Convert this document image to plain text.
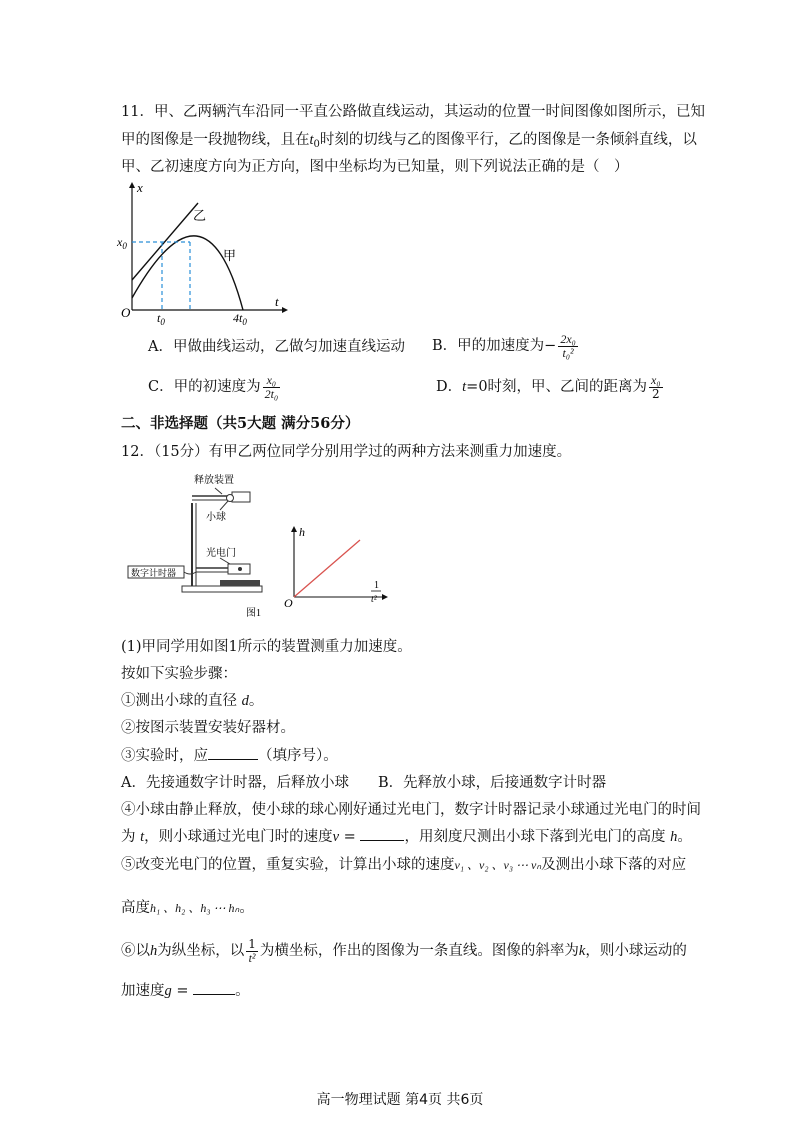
11．甲、乙两辆汽车沿同一平直公路做直线运动，其运动的位置一时间图像如图所示，已知
甲的图像是一段抛物线，且在$t_0$时刻的切线与乙的图像平行，乙的图像是一条倾斜直线，以
甲、乙初速度方向为正方向，图中坐标均为已知量，则下列说法正确的是（　）
x
t
O
$x_0$
$t_0$	$4t_0$
乙
甲
A．甲做曲线运动，乙做匀加速直线运动 B．甲的加速度为− $\frac{\text{2x₀}}{\text{t₀²}}$
C．甲的初速度为 $\frac{\text{x₀}}{\text{2t₀}}$	D．t=0时刻，甲、乙间的距离为 $\frac{\text{x₀}}{2}$
二、非选择题（共5大题 满分56分）
12．（15分）有甲乙两位同学分别用学过的两种方法来测重力加速度。
释放装置
小球
光电门
数字计时器
图1
h
O
1
t²
(1)甲同学用如图1所示的装置测重力加速度。
按如下实验步骤：
①测出小球的直径 d。
②按图示装置安装好器材。
③实验时，应	（填序号）。
A．先接通数字计时器，后释放小球 B．先释放小球，后接通数字计时器
④小球由静止释放，使小球的球心刚好通过光电门，数字计时器记录小球通过光电门的时间
为 t，则小球通过光电门时的速度v =	，用刻度尺测出小球下落到光电门的高度 h。
⑤改变光电门的位置，重复实验，计算出小球的速度v₁ 、v₂ 、v₃ ⋯ vₙ及测出小球下落的对应
高度h₁ 、h₂ 、h₃ ⋯ hₙ。
⑥以h为纵坐标，以 $\frac{1}{\text{t²}}$ 为横坐标，作出的图像为一条直线。图像的斜率为k，则小球运动的
加速度g =	。
高一物理试题 第4页 共6页
